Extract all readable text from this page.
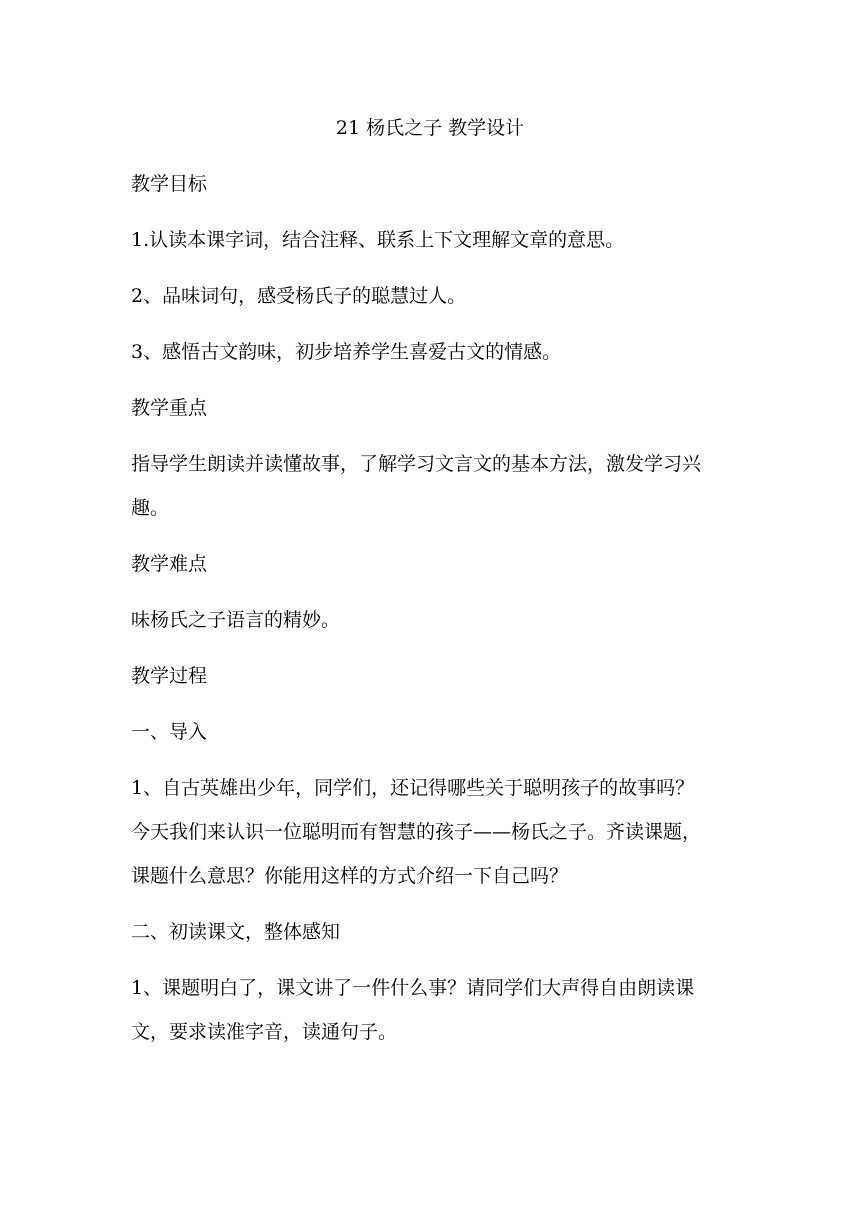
21 杨氏之子 教学设计
教学目标
1.认读本课字词，结合注释、联系上下文理解文章的意思。
2、品味词句，感受杨氏子的聪慧过人。
3、感悟古文韵味，初步培养学生喜爱古文的情感。
教学重点
指导学生朗读并读懂故事，了解学习文言文的基本方法，激发学习兴
趣。
教学难点
味杨氏之子语言的精妙。
教学过程
一、导入
1、自古英雄出少年，同学们，还记得哪些关于聪明孩子的故事吗？
今天我们来认识一位聪明而有智慧的孩子——杨氏之子。齐读课题，
课题什么意思？你能用这样的方式介绍一下自己吗？
二、初读课文，整体感知
1、课题明白了，课文讲了一件什么事？请同学们大声得自由朗读课
文，要求读准字音，读通句子。
